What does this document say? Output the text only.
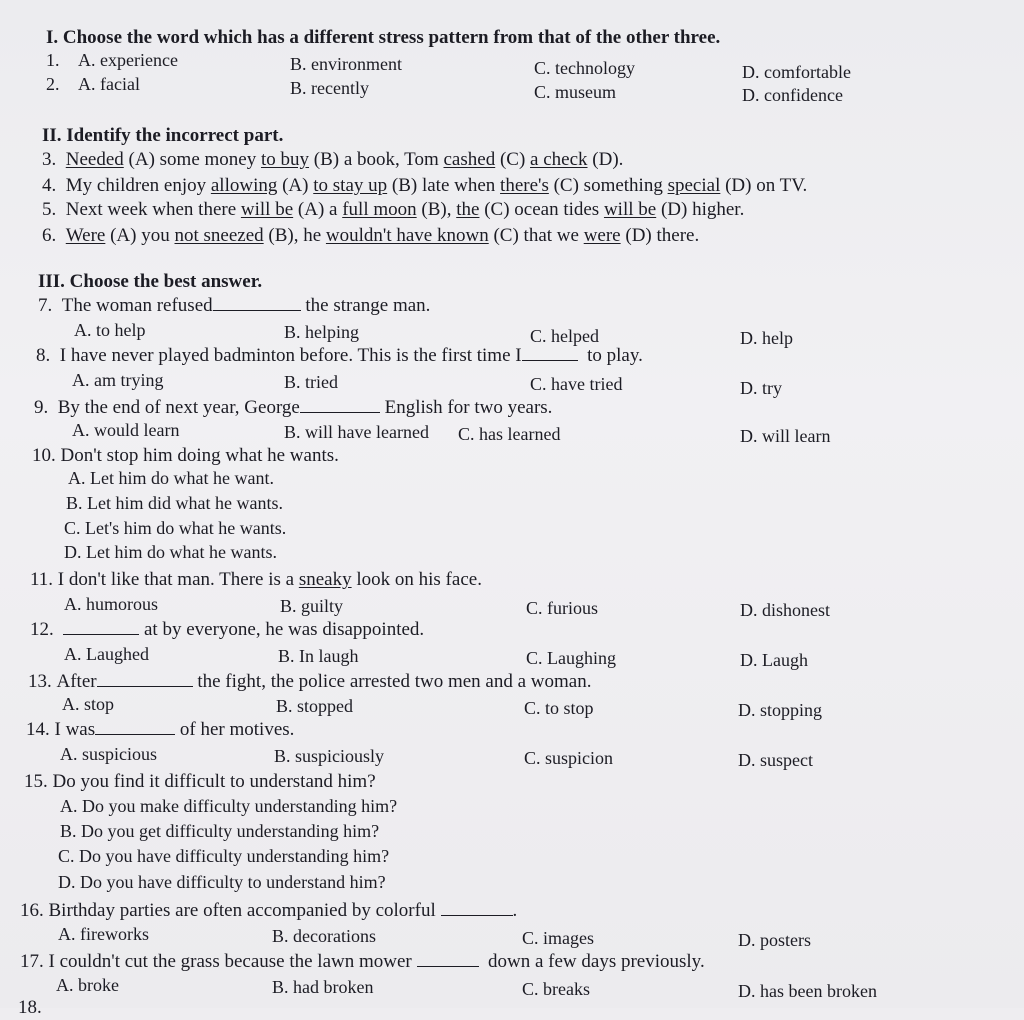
I. Choose the word which has a different stress pattern from that of the other three.
1. A. experience	B. environment	C. technology	D. comfortable
2. A. facial	B. recently	C. museum	D. confidence
II. Identify the incorrect part.
3. Needed (A) some money to buy (B) a book, Tom cashed (C) a check (D).
4. My children enjoy allowing (A) to stay up (B) late when there's (C) something special (D) on TV.
5. Next week when there will be (A) a full moon (B), the (C) ocean tides will be (D) higher.
6. Were (A) you not sneezed (B), he wouldn't have known (C) that we were (D) there.
III. Choose the best answer.
7. The woman refused	the strange man.
A. to help	B. helping	C. helped	D. help
8. I have never played badminton before. This is the first time I	to play.
A. am trying	B. tried	C. have tried	D. try
9. By the end of next year, George	English for two years.
A. would learn	B. will have learned C. has learned	D. will learn
10. Don't stop him doing what he wants.
A. Let him do what he want.
B. Let him did what he wants.
C. Let's him do what he wants.
D. Let him do what he wants.
11. I don't like that man. There is a sneaky look on his face.
A. humorous	B. guilty	C. furious	D. dishonest
12.	at by everyone, he was disappointed.
A. Laughed	B. In laugh	C. Laughing	D. Laugh
13. After	the fight, the police arrested two men and a woman.
A. stop	B. stopped	C. to stop	D. stopping
14. I was	of her motives.
A. suspicious	B. suspiciously	C. suspicion	D. suspect
15. Do you find it difficult to understand him?
A. Do you make difficulty understanding him?
B. Do you get difficulty understanding him?
C. Do you have difficulty understanding him?
D. Do you have difficulty to understand him?
16. Birthday parties are often accompanied by colorful	.
A. fireworks	B. decorations	C. images	D. posters
17. I couldn't cut the grass because the lawn mower	down a few days previously.
A. broke	B. had broken	C. breaks	D. has been broken
18.
